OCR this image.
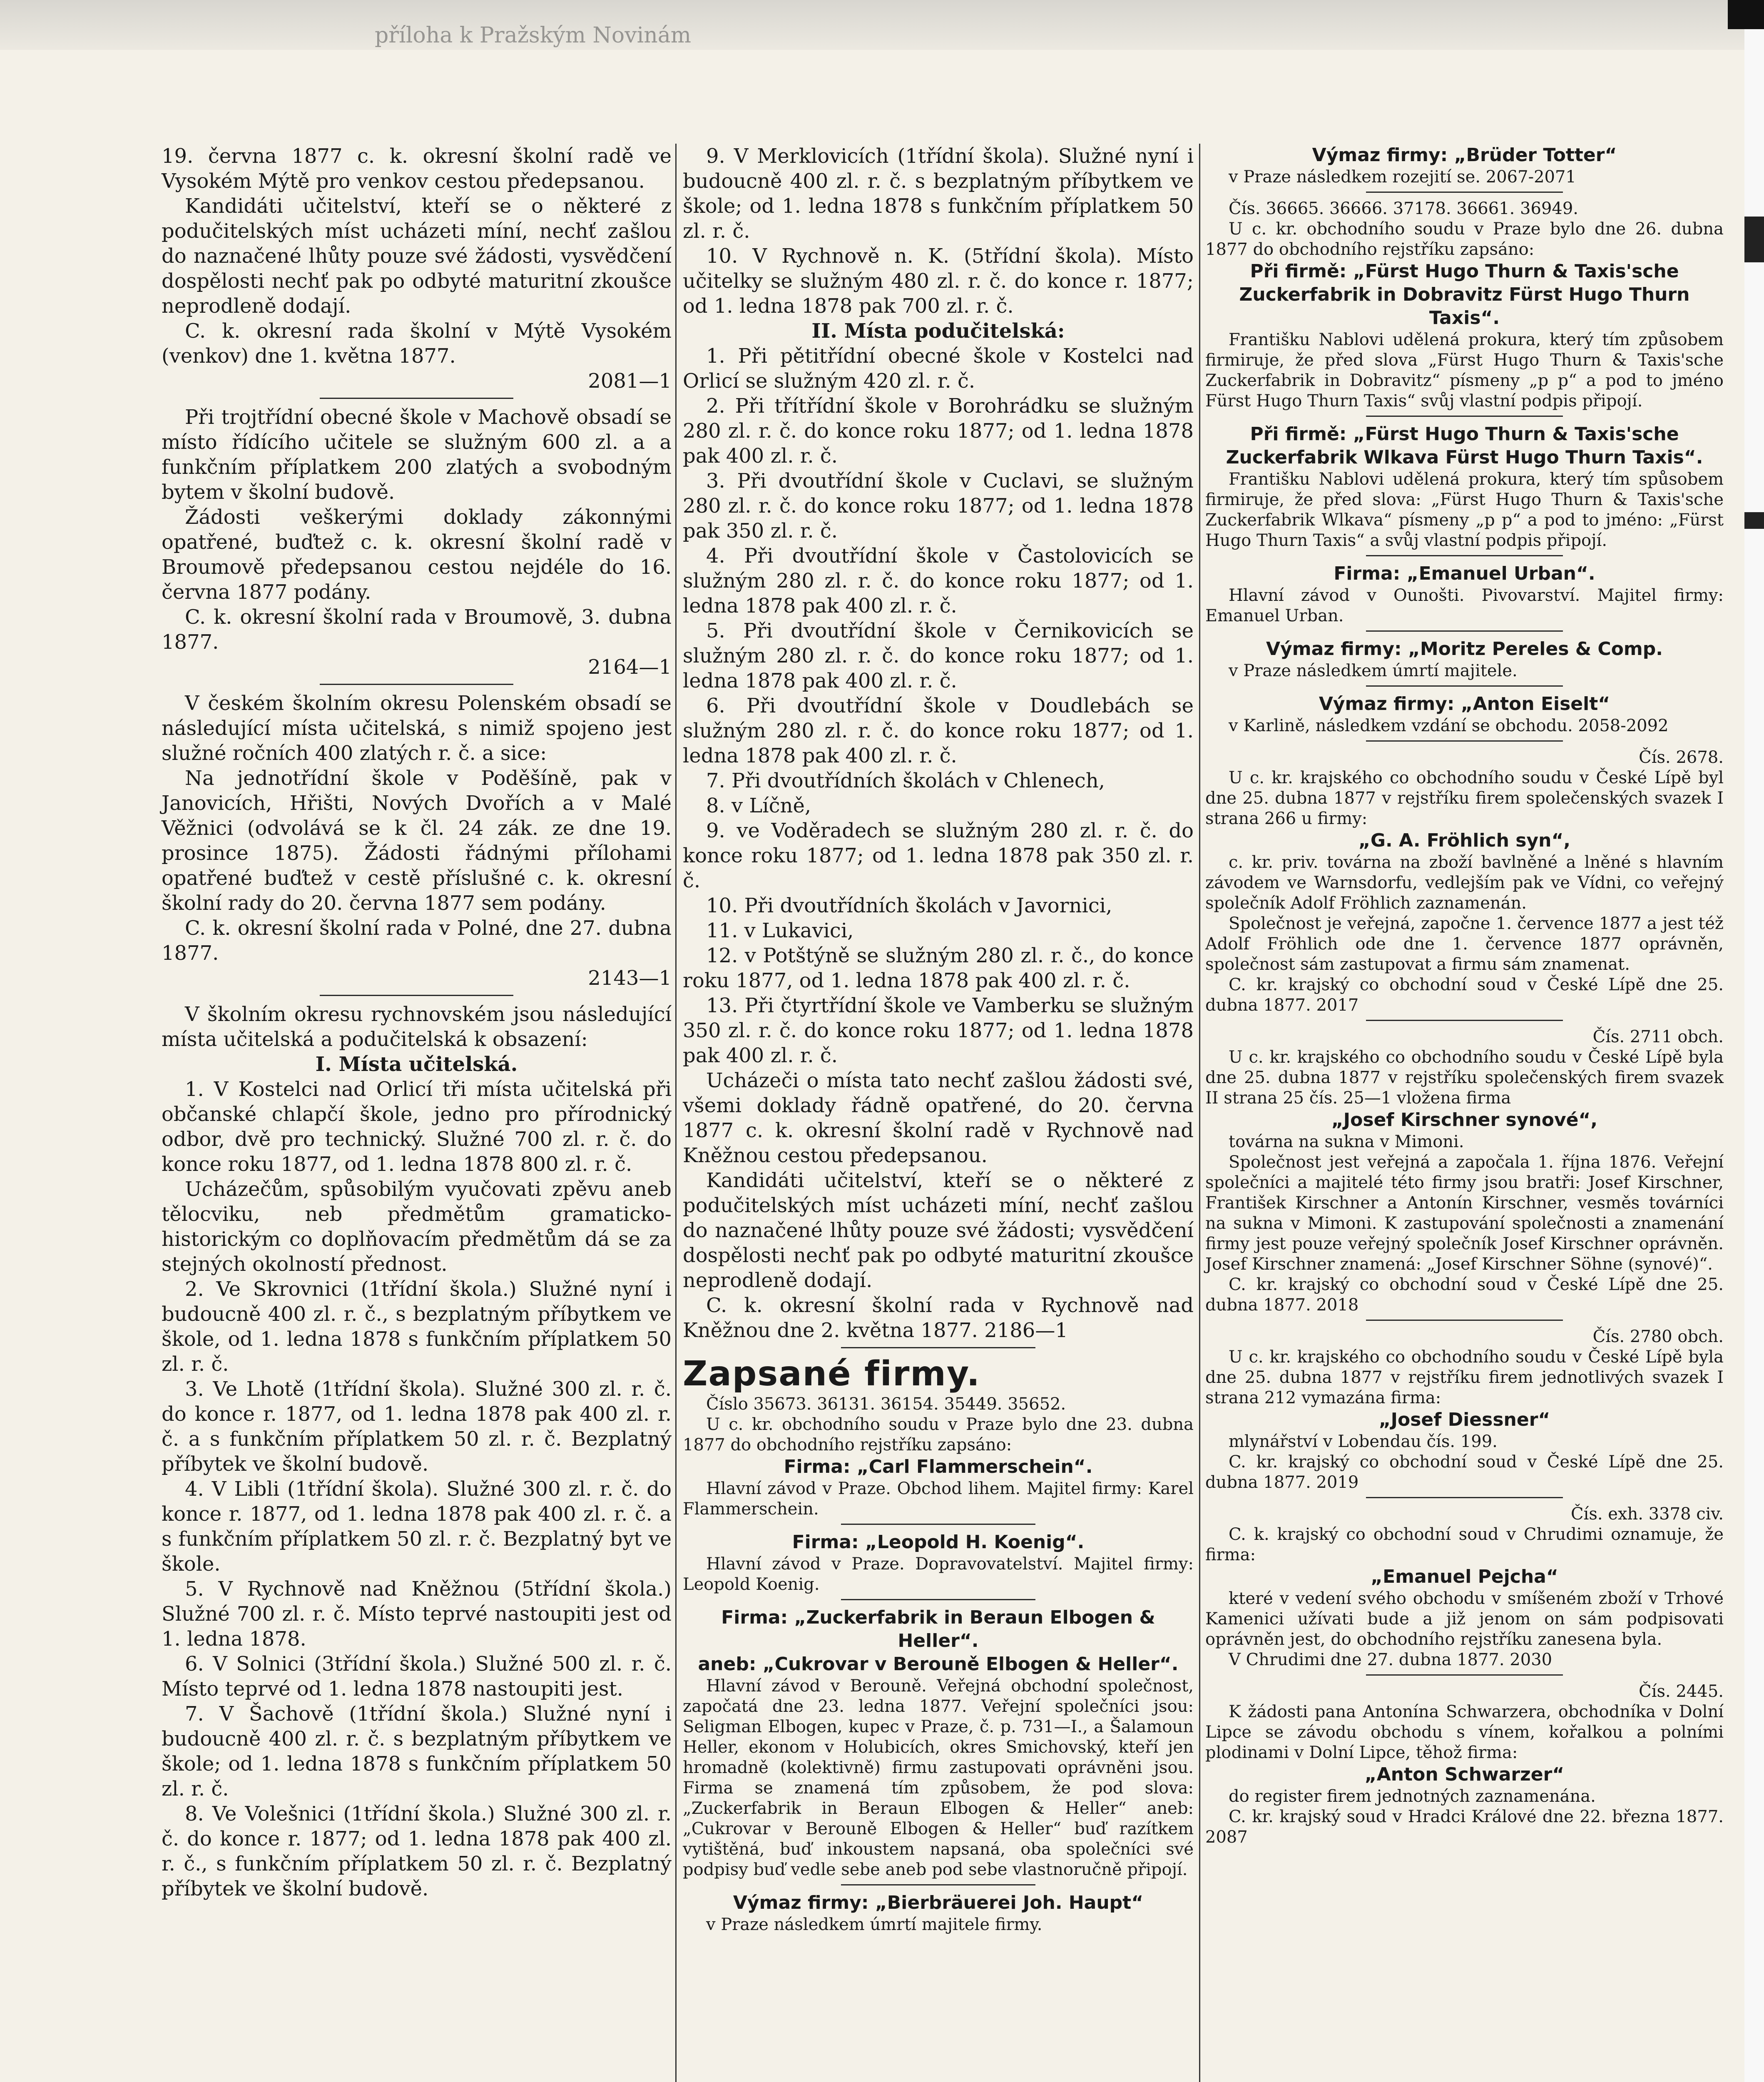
19. června 1877 c. k. okresní školní radě ve Vysokém Mýtě pro venkov cestou předepsanou.

Kandidáti učitelství, kteří se o některé z podučitelských míst ucházeti míní, nechť zašlou do naznačené lhůty pouze své žádosti, vysvědčení dospělosti nechť pak po odbyté maturitní zkoušce neprodleně dodají.

C. k. okresní rada školní v Mýtě Vysokém (venkov) dne 1. května 1877.

2081—1

Při trojtřídní obecné škole v Machově obsadí se místo řídícího učitele se služným 600 zl. a a funkčním příplatkem 200 zlatých a svobodným bytem v školní budově.

Žádosti veškerými doklady zákonnými opatřené, buďtež c. k. okresní školní radě v Broumově předepsanou cestou nejdéle do 16. června 1877 podány.

C. k. okresní školní rada v Broumově, 3. dubna 1877.

2164—1

V českém školním okresu Polenském obsadí se následující místa učitelská, s nimiž spojeno jest služné ročních 400 zlatých r. č. a sice:

Na jednotřídní škole v Poděšíně, pak v Janovicích, Hřišti, Nových Dvořích a v Malé Věžnici (odvolává se k čl. 24 zák. ze dne 19. prosince 1875). Žádosti řádnými přílohami opatřené buďtež v cestě příslušné c. k. okresní školní rady do 20. června 1877 sem podány.

C. k. okresní školní rada v Polné, dne 27. dubna 1877.

2143—1

V školním okresu rychnovském jsou následující místa učitelská a podučitelská k obsazení:

I. Místa učitelská.

1. V Kostelci nad Orlicí tři místa učitelská při občanské chlapčí škole, jedno pro přírodnický odbor, dvě pro technický. Služné 700 zl. r. č. do konce roku 1877, od 1. ledna 1878 800 zl. r. č.

Ucházečům, spůsobilým vyučovati zpěvu aneb tělocviku, neb předmětům gramaticko-historickým co doplňovacím předmětům dá se za stejných okolností přednost.

2. Ve Skrovnici (1třídní škola.) Služné nyní i budoucně 400 zl. r. č., s bezplatným příbytkem ve škole, od 1. ledna 1878 s funkčním příplatkem 50 zl. r. č.

3. Ve Lhotě (1třídní škola). Služné 300 zl. r. č. do konce r. 1877, od 1. ledna 1878 pak 400 zl. r. č. a s funkčním příplatkem 50 zl. r. č. Bezplatný příbytek ve školní budově.

4. V Libli (1třídní škola). Služné 300 zl. r. č. do konce r. 1877, od 1. ledna 1878 pak 400 zl. r. č. a s funkčním příplatkem 50 zl. r. č. Bezplatný byt ve škole.

5. V Rychnově nad Kněžnou (5třídní škola.) Služné 700 zl. r. č. Místo teprvé nastoupiti jest od 1. ledna 1878.

6. V Solnici (3třídní škola.) Služné 500 zl. r. č. Místo teprvé od 1. ledna 1878 nastoupiti jest.

7. V Šachově (1třídní škola.) Služné nyní i budoucně 400 zl. r. č. s bezplatným příbytkem ve škole; od 1. ledna 1878 s funkčním příplatkem 50 zl. r. č.

8. Ve Volešnici (1třídní škola.) Služné 300 zl. r. č. do konce r. 1877; od 1. ledna 1878 pak 400 zl. r. č., s funkčním příplatkem 50 zl. r. č. Bezplatný příbytek ve školní budově.

9. V Merklovicích (1třídní škola). Služné nyní i budoucně 400 zl. r. č. s bezplatným příbytkem ve škole; od 1. ledna 1878 s funkčním příplatkem 50 zl. r. č.

10. V Rychnově n. K. (5třídní škola). Místo učitelky se služným 480 zl. r. č. do konce r. 1877; od 1. ledna 1878 pak 700 zl. r. č.

II. Místa podučitelská:

1. Při pětitřídní obecné škole v Kostelci nad Orlicí se služným 420 zl. r. č.

2. Při třítřídní škole v Borohrádku se služným 280 zl. r. č. do konce roku 1877; od 1. ledna 1878 pak 400 zl. r. č.

3. Při dvoutřídní škole v Cuclavi, se služným 280 zl. r. č. do konce roku 1877; od 1. ledna 1878 pak 350 zl. r. č.

4. Při dvoutřídní škole v Častolovicích se služným 280 zl. r. č. do konce roku 1877; od 1. ledna 1878 pak 400 zl. r. č.

5. Při dvoutřídní škole v Černikovicích se služným 280 zl. r. č. do konce roku 1877; od 1. ledna 1878 pak 400 zl. r. č.

6. Při dvoutřídní škole v Doudlebách se služným 280 zl. r. č. do konce roku 1877; od 1. ledna 1878 pak 400 zl. r. č.

7. Při dvoutřídních školách v Chlenech,

8. v Líčně,

9. ve Voděradech se služným 280 zl. r. č. do konce roku 1877; od 1. ledna 1878 pak 350 zl. r. č.

10. Při dvoutřídních školách v Javornici,

11. v Lukavici,

12. v Potštýně se služným 280 zl. r. č., do konce roku 1877, od 1. ledna 1878 pak 400 zl. r. č.

13. Při čtyrtřídní škole ve Vamberku se služným 350 zl. r. č. do konce roku 1877; od 1. ledna 1878 pak 400 zl. r. č.

Ucházeči o místa tato nechť zašlou žádosti své, všemi doklady řádně opatřené, do 20. června 1877 c. k. okresní školní radě v Rychnově nad Kněžnou cestou předepsanou.

Kandidáti učitelství, kteří se o některé z podučitelských míst ucházeti míní, nechť zašlou do naznačené lhůty pouze své žádosti; vysvědčení dospělosti nechť pak po odbyté maturitní zkoušce neprodleně dodají.

C. k. okresní školní rada v Rychnově nad Kněžnou dne 2. května 1877. 2186—1

Zapsané firmy.

Číslo 35673. 36131. 36154. 35449. 35652.

U c. kr. obchodního soudu v Praze bylo dne 23. dubna 1877 do obchodního rejstříku zapsáno:

Firma: „Carl Flammerschein“.

Hlavní závod v Praze. Obchod lihem. Majitel firmy: Karel Flammerschein.

Firma: „Leopold H. Koenig“.

Hlavní závod v Praze. Dopravovatelství. Majitel firmy: Leopold Koenig.

Firma: „Zuckerfabrik in Beraun Elbogen & Heller“.

aneb: „Cukrovar v Berouně Elbogen & Heller“.

Hlavní závod v Berouně. Veřejná obchodní společnost, započatá dne 23. ledna 1877. Veřejní společníci jsou: Seligman Elbogen, kupec v Praze, č. p. 731—I., a Šalamoun Heller, ekonom v Holubicích, okres Smichovský, kteří jen hromadně (kolektivně) firmu zastupovati oprávněni jsou. Firma se znamená tím způsobem, že pod slova: „Zuckerfabrik in Beraun Elbogen & Heller“ aneb: „Cukrovar v Berouně Elbogen & Heller“ buď razítkem vytištěná, buď inkoustem napsaná, oba společníci své podpisy buď vedle sebe aneb pod sebe vlastnoručně připojí.

Výmaz firmy: „Bierbräuerei Joh. Haupt“

v Praze následkem úmrtí majitele firmy.

Výmaz firmy: „Brüder Totter“

v Praze následkem rozejití se. 2067-2071

Čís. 36665. 36666. 37178. 36661. 36949.

U c. kr. obchodního soudu v Praze bylo dne 26. dubna 1877 do obchodního rejstříku zapsáno:

Při firmě: „Fürst Hugo Thurn & Taxis'sche Zuckerfabrik in Dobravitz Fürst Hugo Thurn Taxis“.

Františku Nablovi udělená prokura, který tím způsobem firmiruje, že před slova „Fürst Hugo Thurn & Taxis'sche Zuckerfabrik in Dobravitz“ písmeny „p p“ a pod to jméno Fürst Hugo Thurn Taxis“ svůj vlastní podpis připojí.

Při firmě: „Fürst Hugo Thurn & Taxis'sche Zuckerfabrik Wlkava Fürst Hugo Thurn Taxis“.

Františku Nablovi udělená prokura, který tím spůsobem firmiruje, že před slova: „Fürst Hugo Thurn & Taxis'sche Zuckerfabrik Wlkava“ písmeny „p p“ a pod to jméno: „Fürst Hugo Thurn Taxis“ a svůj vlastní podpis připojí.

Firma: „Emanuel Urban“.

Hlavní závod v Ounošti. Pivovarství. Majitel firmy: Emanuel Urban.

Výmaz firmy: „Moritz Pereles & Comp.

v Praze následkem úmrtí majitele.

Výmaz firmy: „Anton Eiselt“

v Karlině, následkem vzdání se obchodu. 2058-2092

Čís. 2678.

U c. kr. krajského co obchodního soudu v České Lípě byl dne 25. dubna 1877 v rejstříku firem společenských svazek I strana 266 u firmy:

„G. A. Fröhlich syn“,

c. kr. priv. továrna na zboží bavlněné a lněné s hlavním závodem ve Warnsdorfu, vedlejším pak ve Vídni, co veřejný společník Adolf Fröhlich zaznamenán.

Společnost je veřejná, započne 1. července 1877 a jest též Adolf Fröhlich ode dne 1. července 1877 oprávněn, společnost sám zastupovat a firmu sám znamenat.

C. kr. krajský co obchodní soud v České Lípě dne 25. dubna 1877. 2017

Čís. 2711 obch.

U c. kr. krajského co obchodního soudu v České Lípě byla dne 25. dubna 1877 v rejstříku společenských firem svazek II strana 25 čís. 25—1 vložena firma

„Josef Kirschner synové“,

továrna na sukna v Mimoni.

Společnost jest veřejná a započala 1. října 1876. Veřejní společníci a majitelé této firmy jsou bratři: Josef Kirschner, František Kirschner a Antonín Kirschner, vesměs továrníci na sukna v Mimoni. K zastupování společnosti a znamenání firmy jest pouze veřejný společník Josef Kirschner oprávněn. Josef Kirschner znamená: „Josef Kirschner Söhne (synové)“.

C. kr. krajský co obchodní soud v České Lípě dne 25. dubna 1877. 2018

Čís. 2780 obch.

U c. kr. krajského co obchodního soudu v České Lípě byla dne 25. dubna 1877 v rejstříku firem jednotlivých svazek I strana 212 vymazána firma:

„Josef Diessner“

mlynářství v Lobendau čís. 199.

C. kr. krajský co obchodní soud v České Lípě dne 25. dubna 1877. 2019

Čís. exh. 3378 civ.

C. k. krajský co obchodní soud v Chrudimi oznamuje, že firma:

„Emanuel Pejcha“

které v vedení svého obchodu v smíšeném zboží v Trhové Kamenici užívati bude a již jenom on sám podpisovati oprávněn jest, do obchodního rejstříku zanesena byla.

V Chrudimi dne 27. dubna 1877. 2030

Čís. 2445.

K žádosti pana Antonína Schwarzera, obchodníka v Dolní Lipce se závodu obchodu s vínem, kořalkou a polními plodinami v Dolní Lipce, těhož firma:

„Anton Schwarzer“

do register firem jednotných zaznamenána.

C. kr. krajský soud v Hradci Králové dne 22. března 1877. 2087

příloha k Pražským Novinám
